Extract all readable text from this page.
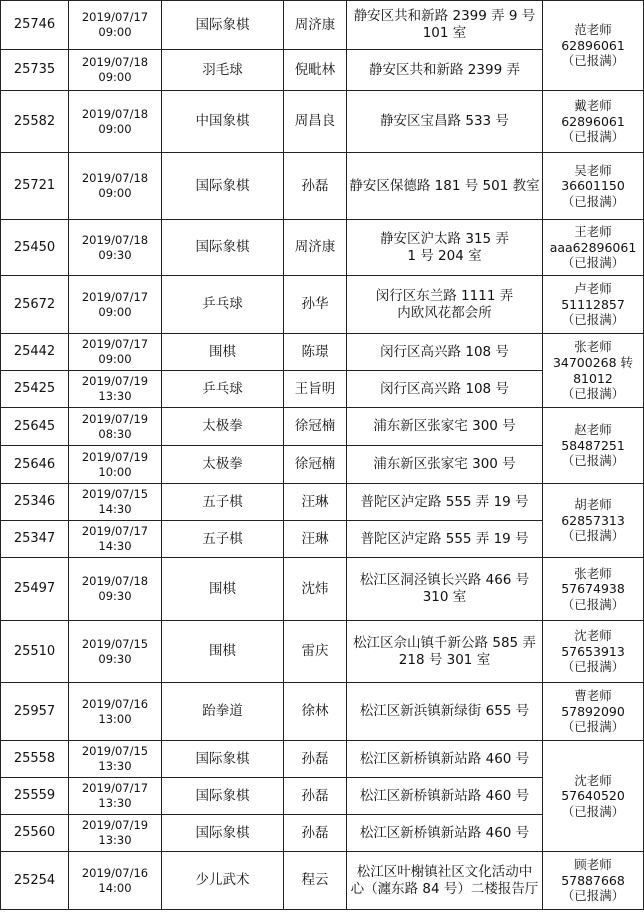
25746	2019/07/17
09:00	国际象棋	周济康	静安区共和新路 2399 弄 9 号
101 室	范老师
62896061
（已报满）

25735	2019/07/18
09:00	羽毛球	倪毗林	静安区共和新路 2399 弄	

25582	2019/07/18
09:00	中国象棋	周昌良	静安区宝昌路 533 号	戴老师
62896061
（已报满）

25721	2019/07/18
09:00	国际象棋	孙磊	静安区保德路 181 号 501 教室	吴老师
36601150
（已报满）

25450	2019/07/18
09:30	国际象棋	周济康	静安区沪太路 315 弄
1 号 204 室	王老师
aaa62896061
（已报满）

25672	2019/07/17
09:00	乒乓球	孙华	闵行区东兰路 1111 弄
内欧风花都会所	卢老师
51112857
（已报满）

25442	2019/07/17
09:00	围棋	陈璟	闵行区高兴路 108 号	张老师
34700268 转
81012
（已报满）

25425	2019/07/19
13:30	乒乓球	王旨明	闵行区高兴路 108 号	

25645	2019/07/19
08:30	太极拳	徐冠楠	浦东新区张家宅 300 号	赵老师
58487251
（已报满）

25646	2019/07/19
10:00	太极拳	徐冠楠	浦东新区张家宅 300 号	

25346	2019/07/15
14:30	五子棋	汪琳	普陀区泸定路 555 弄 19 号	胡老师
62857313
（已报满）

25347	2019/07/17
14:30	五子棋	汪琳	普陀区泸定路 555 弄 19 号	

25497	2019/07/18
09:30	围棋	沈炜	松江区洞泾镇长兴路 466 号
310 室	张老师
57674938
（已报满）

25510	2019/07/15
09:30	围棋	雷庆	松江区佘山镇千新公路 585 弄
218 号 301 室	沈老师
57653913
（已报满）

25957	2019/07/16
13:00	跆拳道	徐林	松江区新浜镇新绿街 655 号	曹老师
57892090
（已报满）

25558	2019/07/15
13:30	国际象棋	孙磊	松江区新桥镇新站路 460 号	沈老师
57640520
（已报满）

25559	2019/07/17
13:30	国际象棋	孙磊	松江区新桥镇新站路 460 号	

25560	2019/07/19
13:30	国际象棋	孙磊	松江区新桥镇新站路 460 号	

25254	2019/07/16
14:00	少儿武术	程云	松江区叶榭镇社区文化活动中
心（瀍东路 84 号）二楼报告厅	顾老师
57887668
（已报满）
